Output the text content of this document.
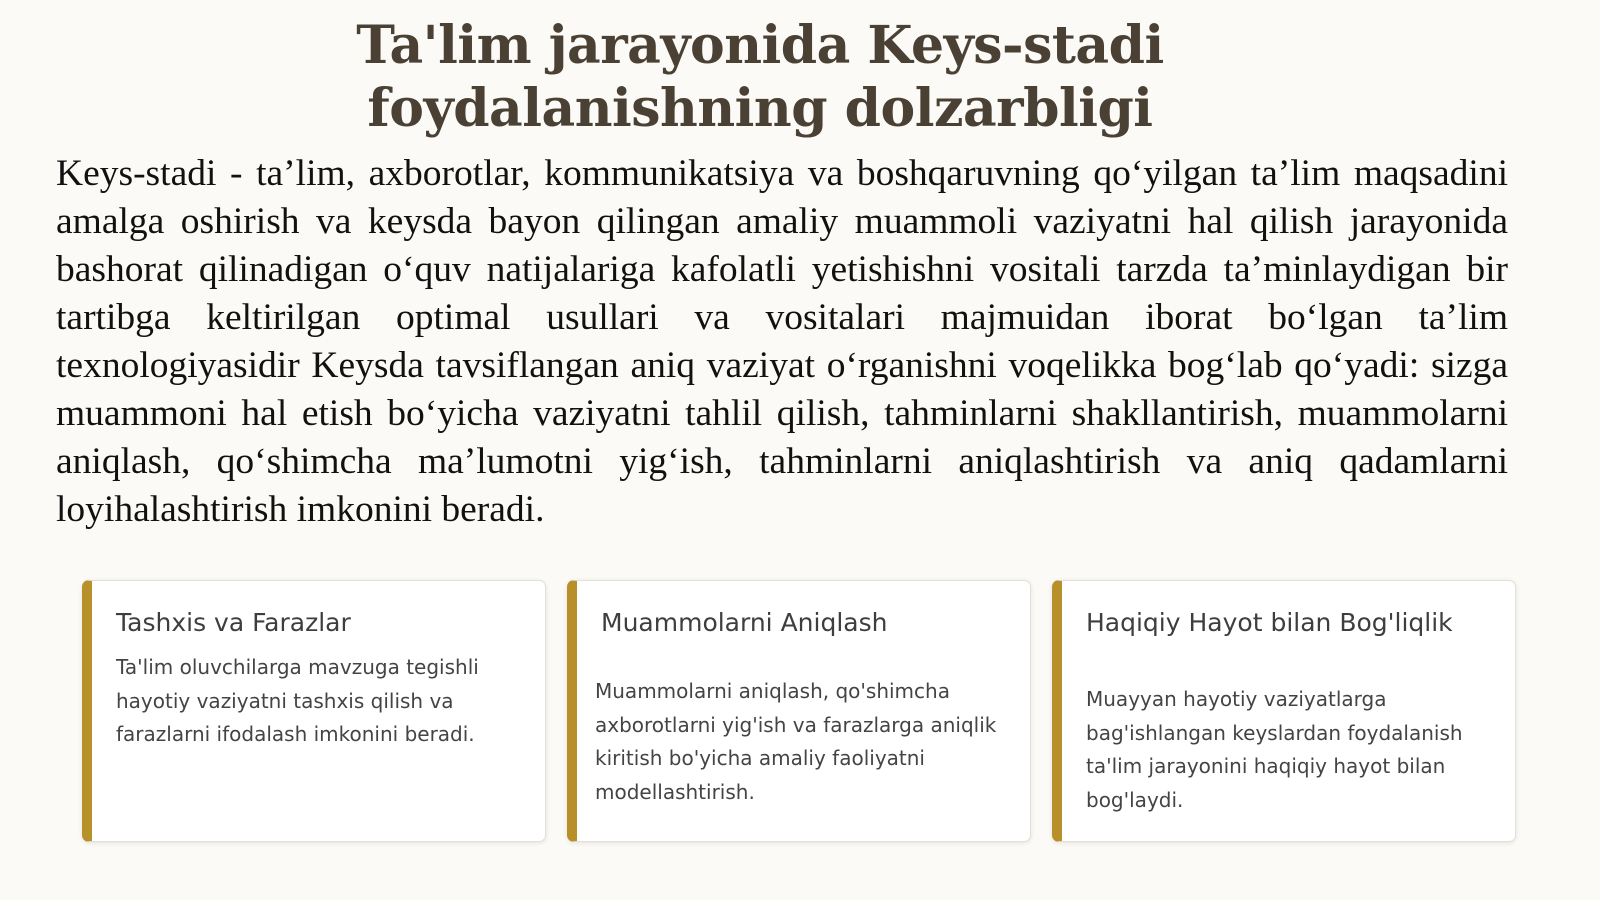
Ta'lim jarayonida Keys-stadi foydalanishning dolzarbligi

Keys-stadi - ta’lim, axborotlar, kommunikatsiya va boshqaruvning qo‘yilgan ta’lim maqsadini amalga oshirish va keysda bayon qilingan amaliy muammoli vaziyatni hal qilish jarayonida bashorat qilinadigan o‘quv natijalariga kafolatli yetishishni vositali tarzda ta’minlaydigan bir tartibga keltirilgan optimal usullari va vositalari majmuidan iborat bo‘lgan ta’lim texnologiyasidir Keysda tavsiflangan aniq vaziyat o‘rganishni voqelikka bog‘lab qo‘yadi: sizga muammoni hal etish bo‘yicha vaziyatni tahlil qilish, tahminlarni shakllantirish, muammolarni aniqlash, qo‘shimcha ma’lumotni yig‘ish, tahminlarni aniqlashtirish va aniq qadamlarni loyihalashtirish imkonini beradi.

Tashxis va Farazlar
Ta'lim oluvchilarga mavzuga tegishli hayotiy vaziyatni tashxis qilish va farazlarni ifodalash imkonini beradi.
Muammolarni Aniqlash
Muammolarni aniqlash, qo'shimcha axborotlarni yig'ish va farazlarga aniqlik kiritish bo'yicha amaliy faoliyatni modellashtirish.
Haqiqiy Hayot bilan Bog'liqlik
Muayyan hayotiy vaziyatlarga bag'ishlangan keyslardan foydalanish ta'lim jarayonini haqiqiy hayot bilan bog'laydi.
